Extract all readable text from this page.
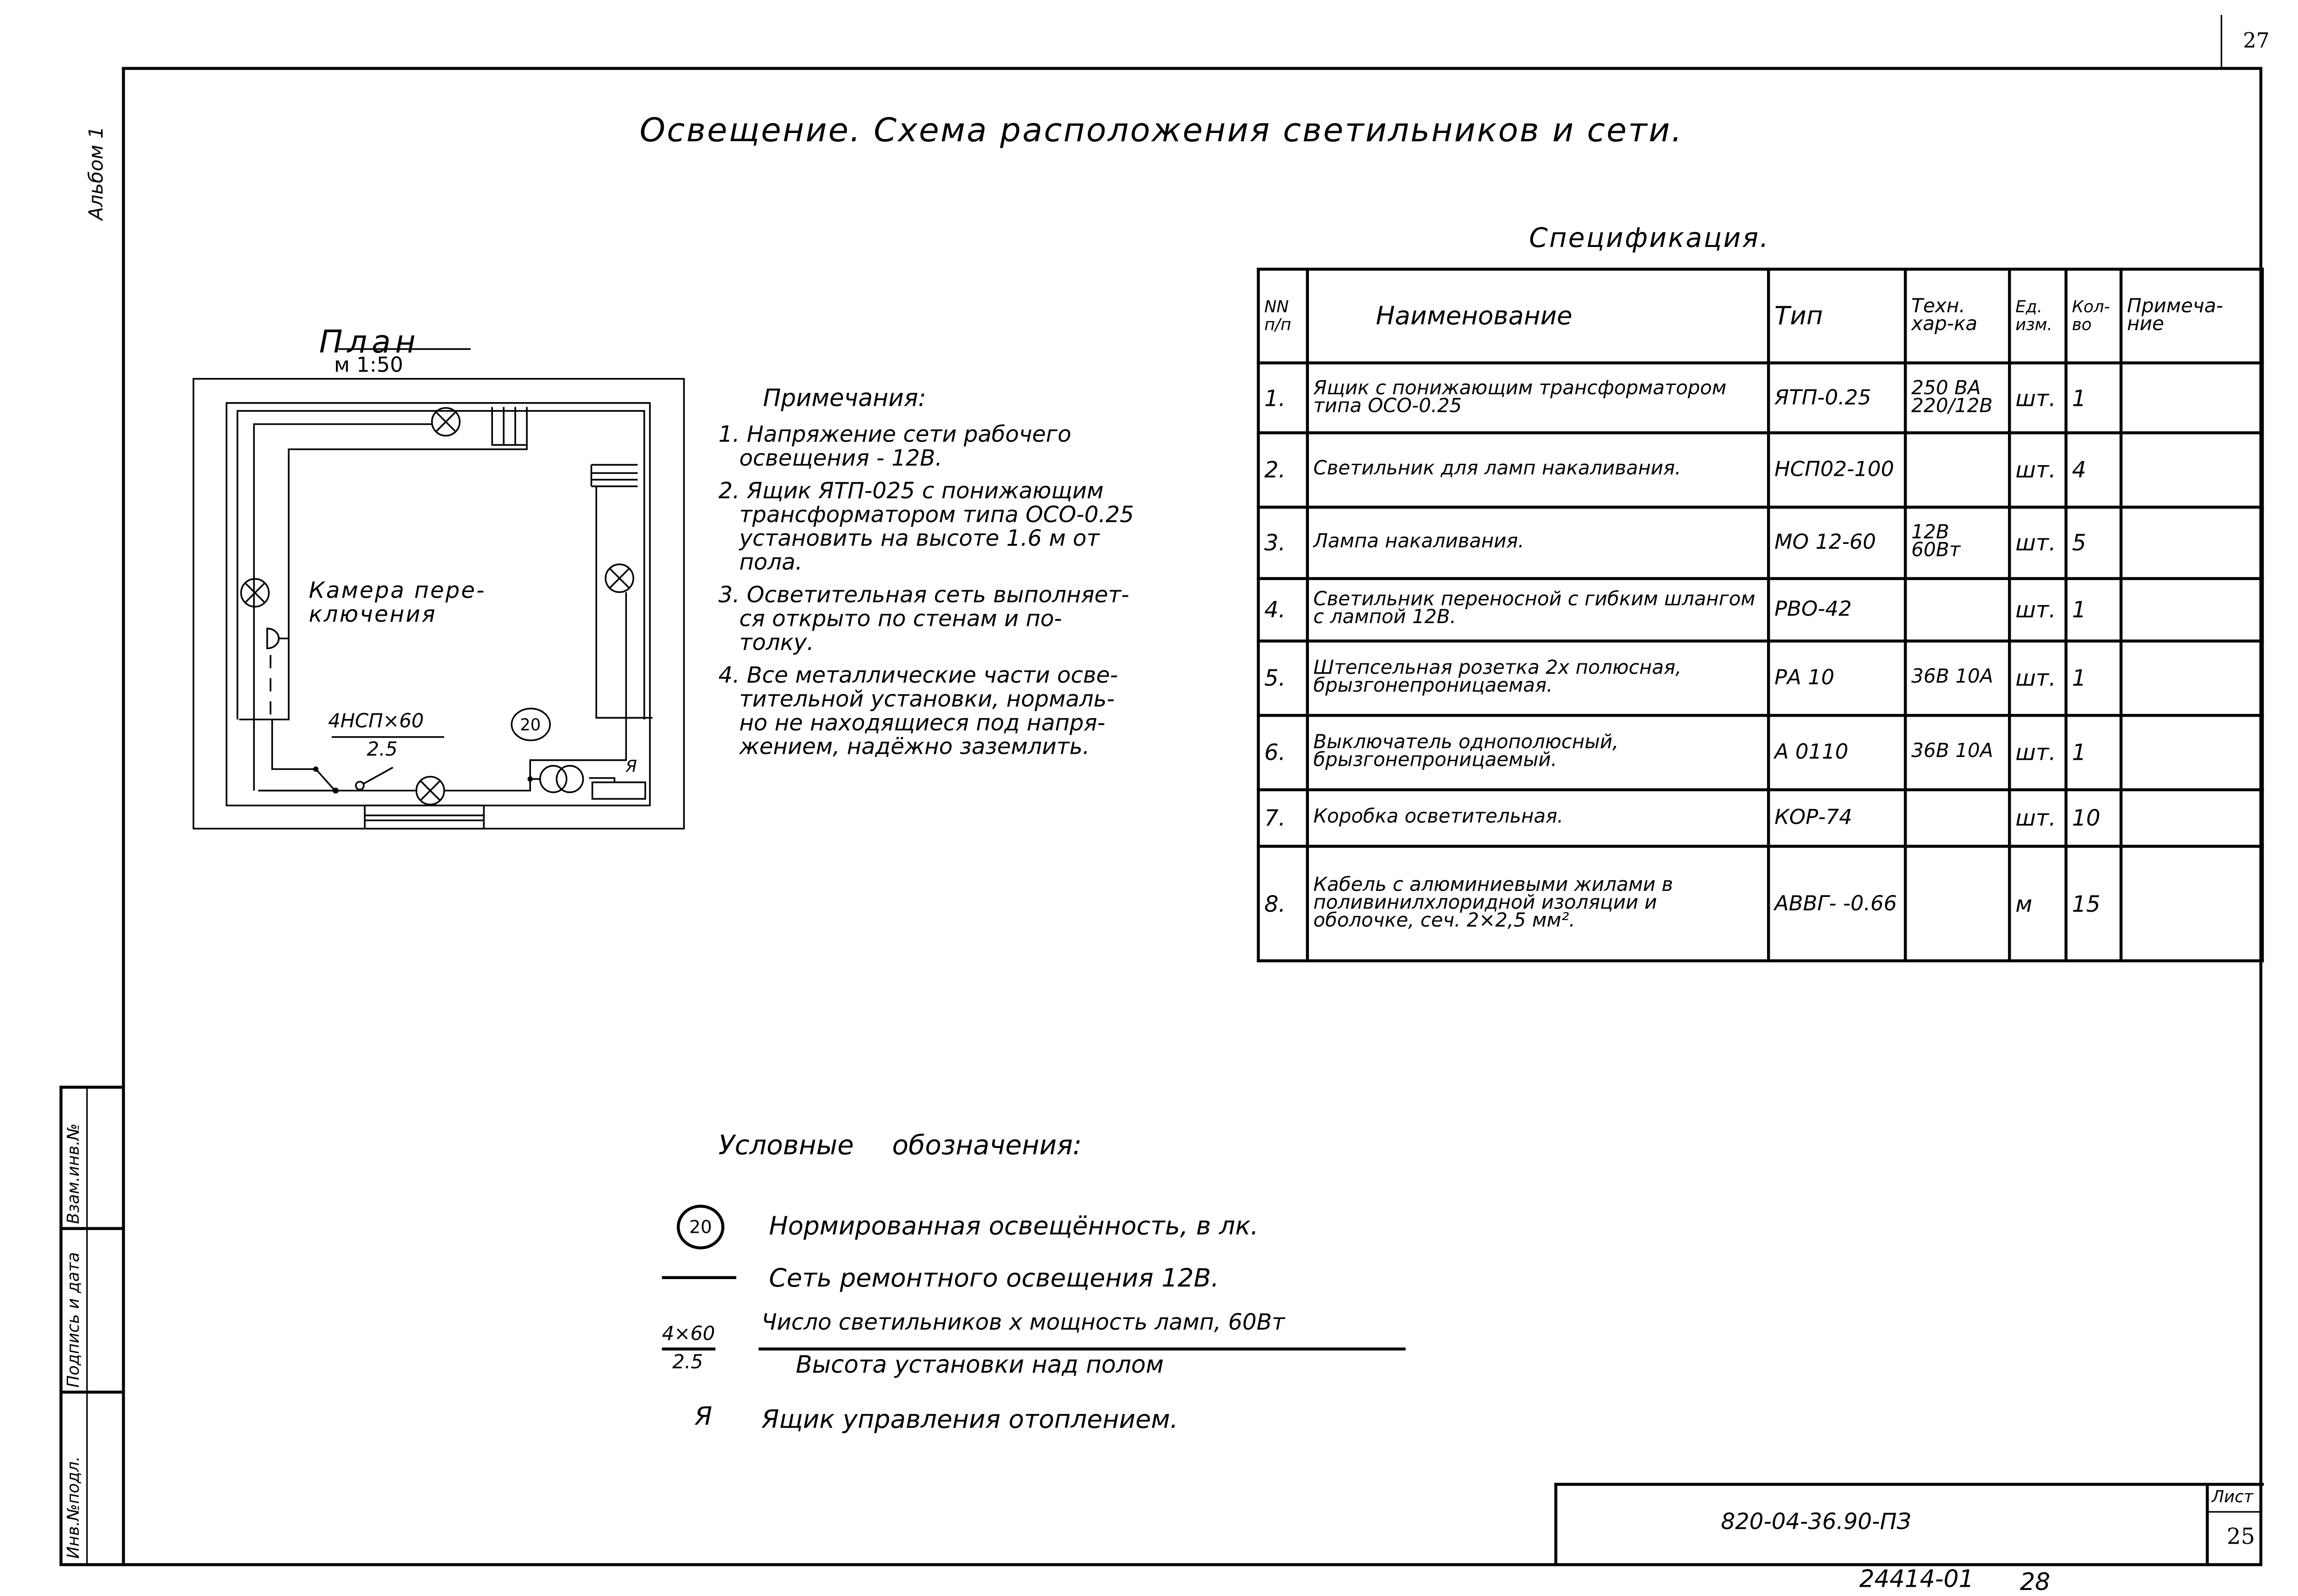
27
Альбом 1
Взам.инв.№
Подпись и дата
Инв.№подл.
Освещение. Схема расположения светильников и сети.
План
м 1:50
Камера пере-
ключения
4НСП×60
2.5
20
Я

Примечания:

1. Напряжение сети рабочего

освещения - 12В.

2. Ящик ЯТП-025 с понижающим

трансформатором типа ОСО-0.25

установить на высоте 1.6 м от

пола.

3. Осветительная сеть выполняет-

ся открыто по стенам и по-

толку.

4. Все металлические части осве-

тительной установки, нормаль-

но не находящиеся под напря-

жением, надёжно заземлить.

Спецификация.
NN п/п	Наименование	Тип	Техн. хар-ка	Ед. изм.	Кол-во	Примеча-ние
1.	Ящик с понижающим трансформатором типа ОСО-0.25	ЯТП-0.25	250 ВА 220/12В	шт.	1	
2.	Светильник для ламп накаливания.	НСП02-100		шт.	4	
3.	Лампа накаливания.	МО 12-60	12В 60Вт	шт.	5	
4.	Светильник переносной с гибким шлангом с лампой 12В.	РВО-42		шт.	1	
5.	Штепсельная розетка 2х полюсная, брызгонепроницаемая.	РА 10	36В 10А	шт.	1	
6.	Выключатель однополюсный, брызгонепроницаемый.	А 0110	36В 10А	шт.	1	
7.	Коробка осветительная.	КОР-74		шт.	10	
8.	Кабель с алюминиевыми жилами в поливинилхлоридной изоляции и оболочке, сеч. 2×2,5 мм².	АВВГ- -0.66		м	15	
Условные обозначения:
20	Нормированная освещённость, в лк.
Сеть ремонтного освещения 12В.
4×60
2.5
Число светильников х мощность ламп, 60Вт
Высота установки над полом
Я	Ящик управления отоплением.
820-04-36.90-ПЗ
Лист
25
24414-01	28
